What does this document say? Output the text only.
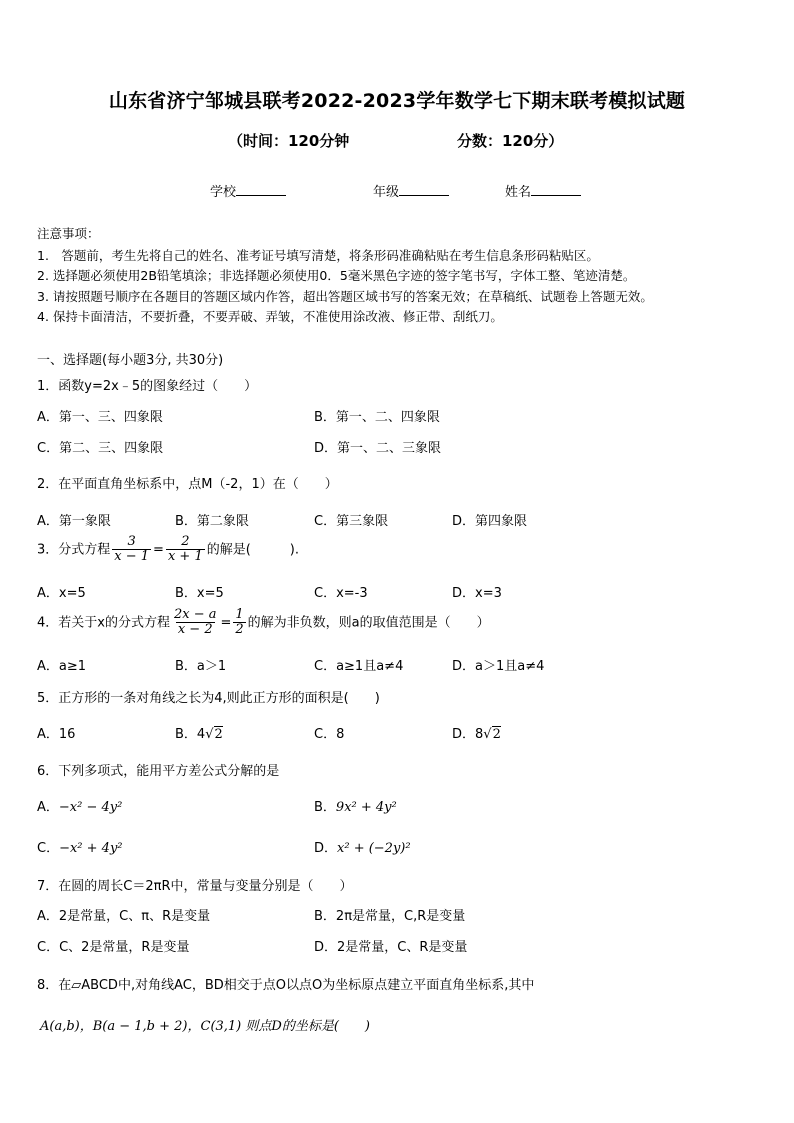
山东省济宁邹城县联考2022-2023学年数学七下期末联考模拟试题
（时间：120分钟	分数：120分）
学校	年级	姓名
注意事项：
1.　答题前，考生先将自己的姓名、准考证号填写清楚，将条形码准确粘贴在考生信息条形码粘贴区。
2. 选择题必须使用2B铅笔填涂；非选择题必须使用0．5毫米黑色字迹的签字笔书写，字体工整、笔迹清楚。
3. 请按照题号顺序在各题目的答题区域内作答，超出答题区域书写的答案无效；在草稿纸、试题卷上答题无效。
4. 保持卡面清洁，不要折叠，不要弄破、弄皱，不准使用涂改液、修正带、刮纸刀。
一、选择题(每小题3分, 共30分)
1．函数y=2x﹣5的图象经过（　　）
A．第一、三、四象限	B．第一、二、四象限
C．第二、三、四象限	D．第一、二、三象限
2．在平面直角坐标系中，点M（-2，1）在（　　）
A．第一象限	B．第二象限	C．第三象限	D．第四象限
3．分式方程 $\frac{3}{x - 1} = \frac{2}{x + 1}$ 的解是(　　　).
A．x=5	B．x=5	C．x=-3	D．x=3
4．若关于x的分式方程 $\frac{2x - a}{x - 2} = \frac{1}{2}$ 的解为非负数，则a的取值范围是（　　）
A．a≥1	B．a＞1	C．a≥1且a≠4	D．a＞1且a≠4
5．正方形的一条对角线之长为4,则此正方形的面积是(　　)
A．16	B．4√2	C．8	D．8√2
6．下列多项式，能用平方差公式分解的是
A．−x² − 4y²	B．9x² + 4y²
C．−x² + 4y²	D．x² + (−2y)²
7．在圆的周长C＝2πR中，常量与变量分别是（　　）
A．2是常量，C、π、R是变量	B．2π是常量，C,R是变量
C．C、2是常量，R是变量	D．2是常量，C、R是变量
8．在▱ABCD中,对角线AC，BD相交于点O以点O为坐标原点建立平面直角坐标系,其中
A(a,b)，B(a − 1,b + 2)，C(3,1) 则点D的坐标是(　　)
